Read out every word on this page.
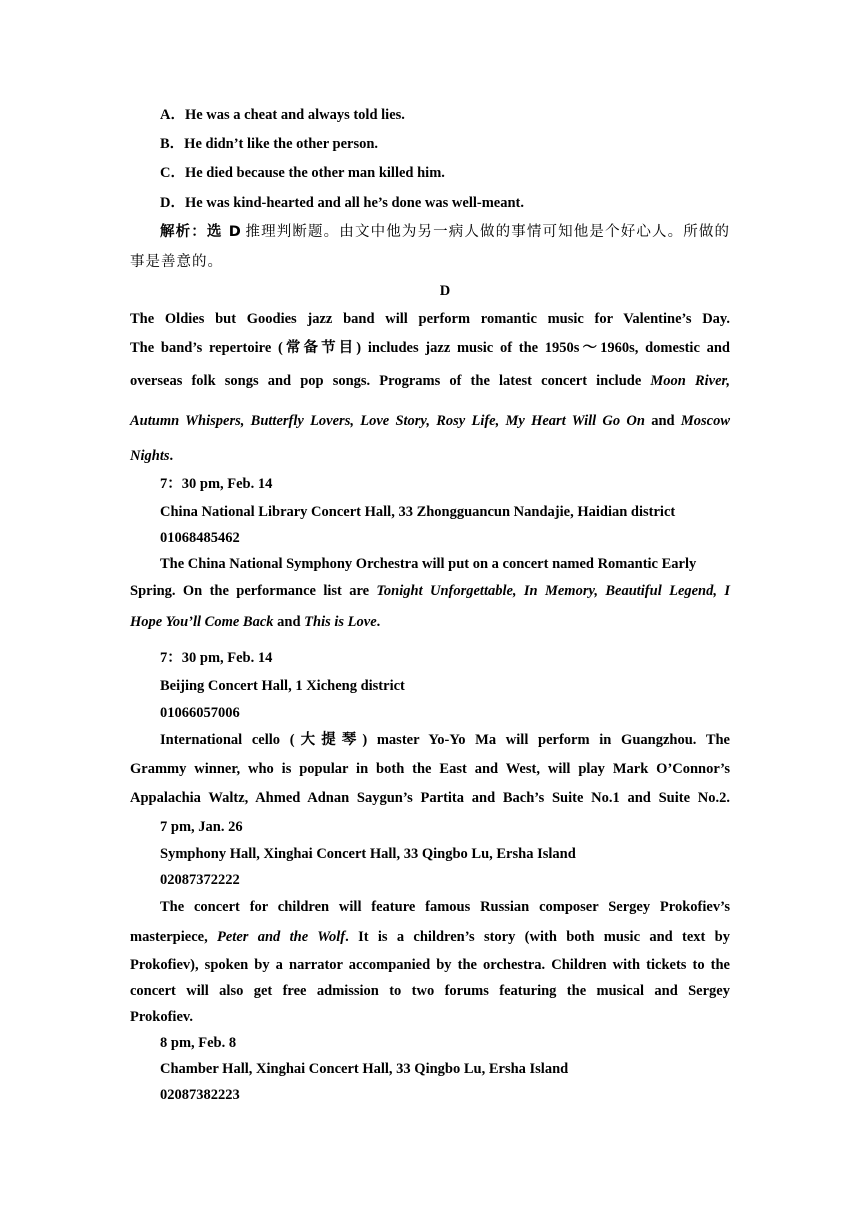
A．He was a cheat and always told lies.
B．He didn’t like the other person.
C．He died because the other man killed him.
D．He was kind-hearted and all he’s done was well-meant.
解析：选 D 推理判断题。由文中他为另一病人做的事情可知他是个好心人。所做的
事是善意的。
D
The Oldies but Goodies jazz band will perform romantic music for Valentine’s Day.
The band’s repertoire (常备节目) includes jazz music of the 1950s～1960s, domestic and
overseas folk songs and pop songs. Programs of the latest concert include Moon River,
Autumn Whispers, Butterfly Lovers, Love Story, Rosy Life, My Heart Will Go On and Moscow
Nights.
7：30 pm, Feb. 14
China National Library Concert Hall, 33 Zhongguancun Nandajie, Haidian district
01068485462
The China National Symphony Orchestra will put on a concert named Romantic Early
Spring. On the performance list are Tonight Unforgettable, In Memory, Beautiful Legend, I
Hope You’ll Come Back and This is Love.
7：30 pm, Feb. 14
Beijing Concert Hall, 1 Xicheng district
01066057006
International cello (大提琴) master Yo-Yo Ma will perform in Guangzhou. The
Grammy winner, who is popular in both the East and West, will play Mark O’Connor’s
Appalachia Waltz, Ahmed Adnan Saygun’s Partita and Bach’s Suite No.1 and Suite No.2.
7 pm, Jan. 26
Symphony Hall, Xinghai Concert Hall, 33 Qingbo Lu, Ersha Island
02087372222
The concert for children will feature famous Russian composer Sergey Prokofiev’s
masterpiece, Peter and the Wolf. It is a children’s story (with both music and text by
Prokofiev), spoken by a narrator accompanied by the orchestra. Children with tickets to the
concert will also get free admission to two forums featuring the musical and Sergey
Prokofiev.
8 pm, Feb. 8
Chamber Hall, Xinghai Concert Hall, 33 Qingbo Lu, Ersha Island
02087382223
